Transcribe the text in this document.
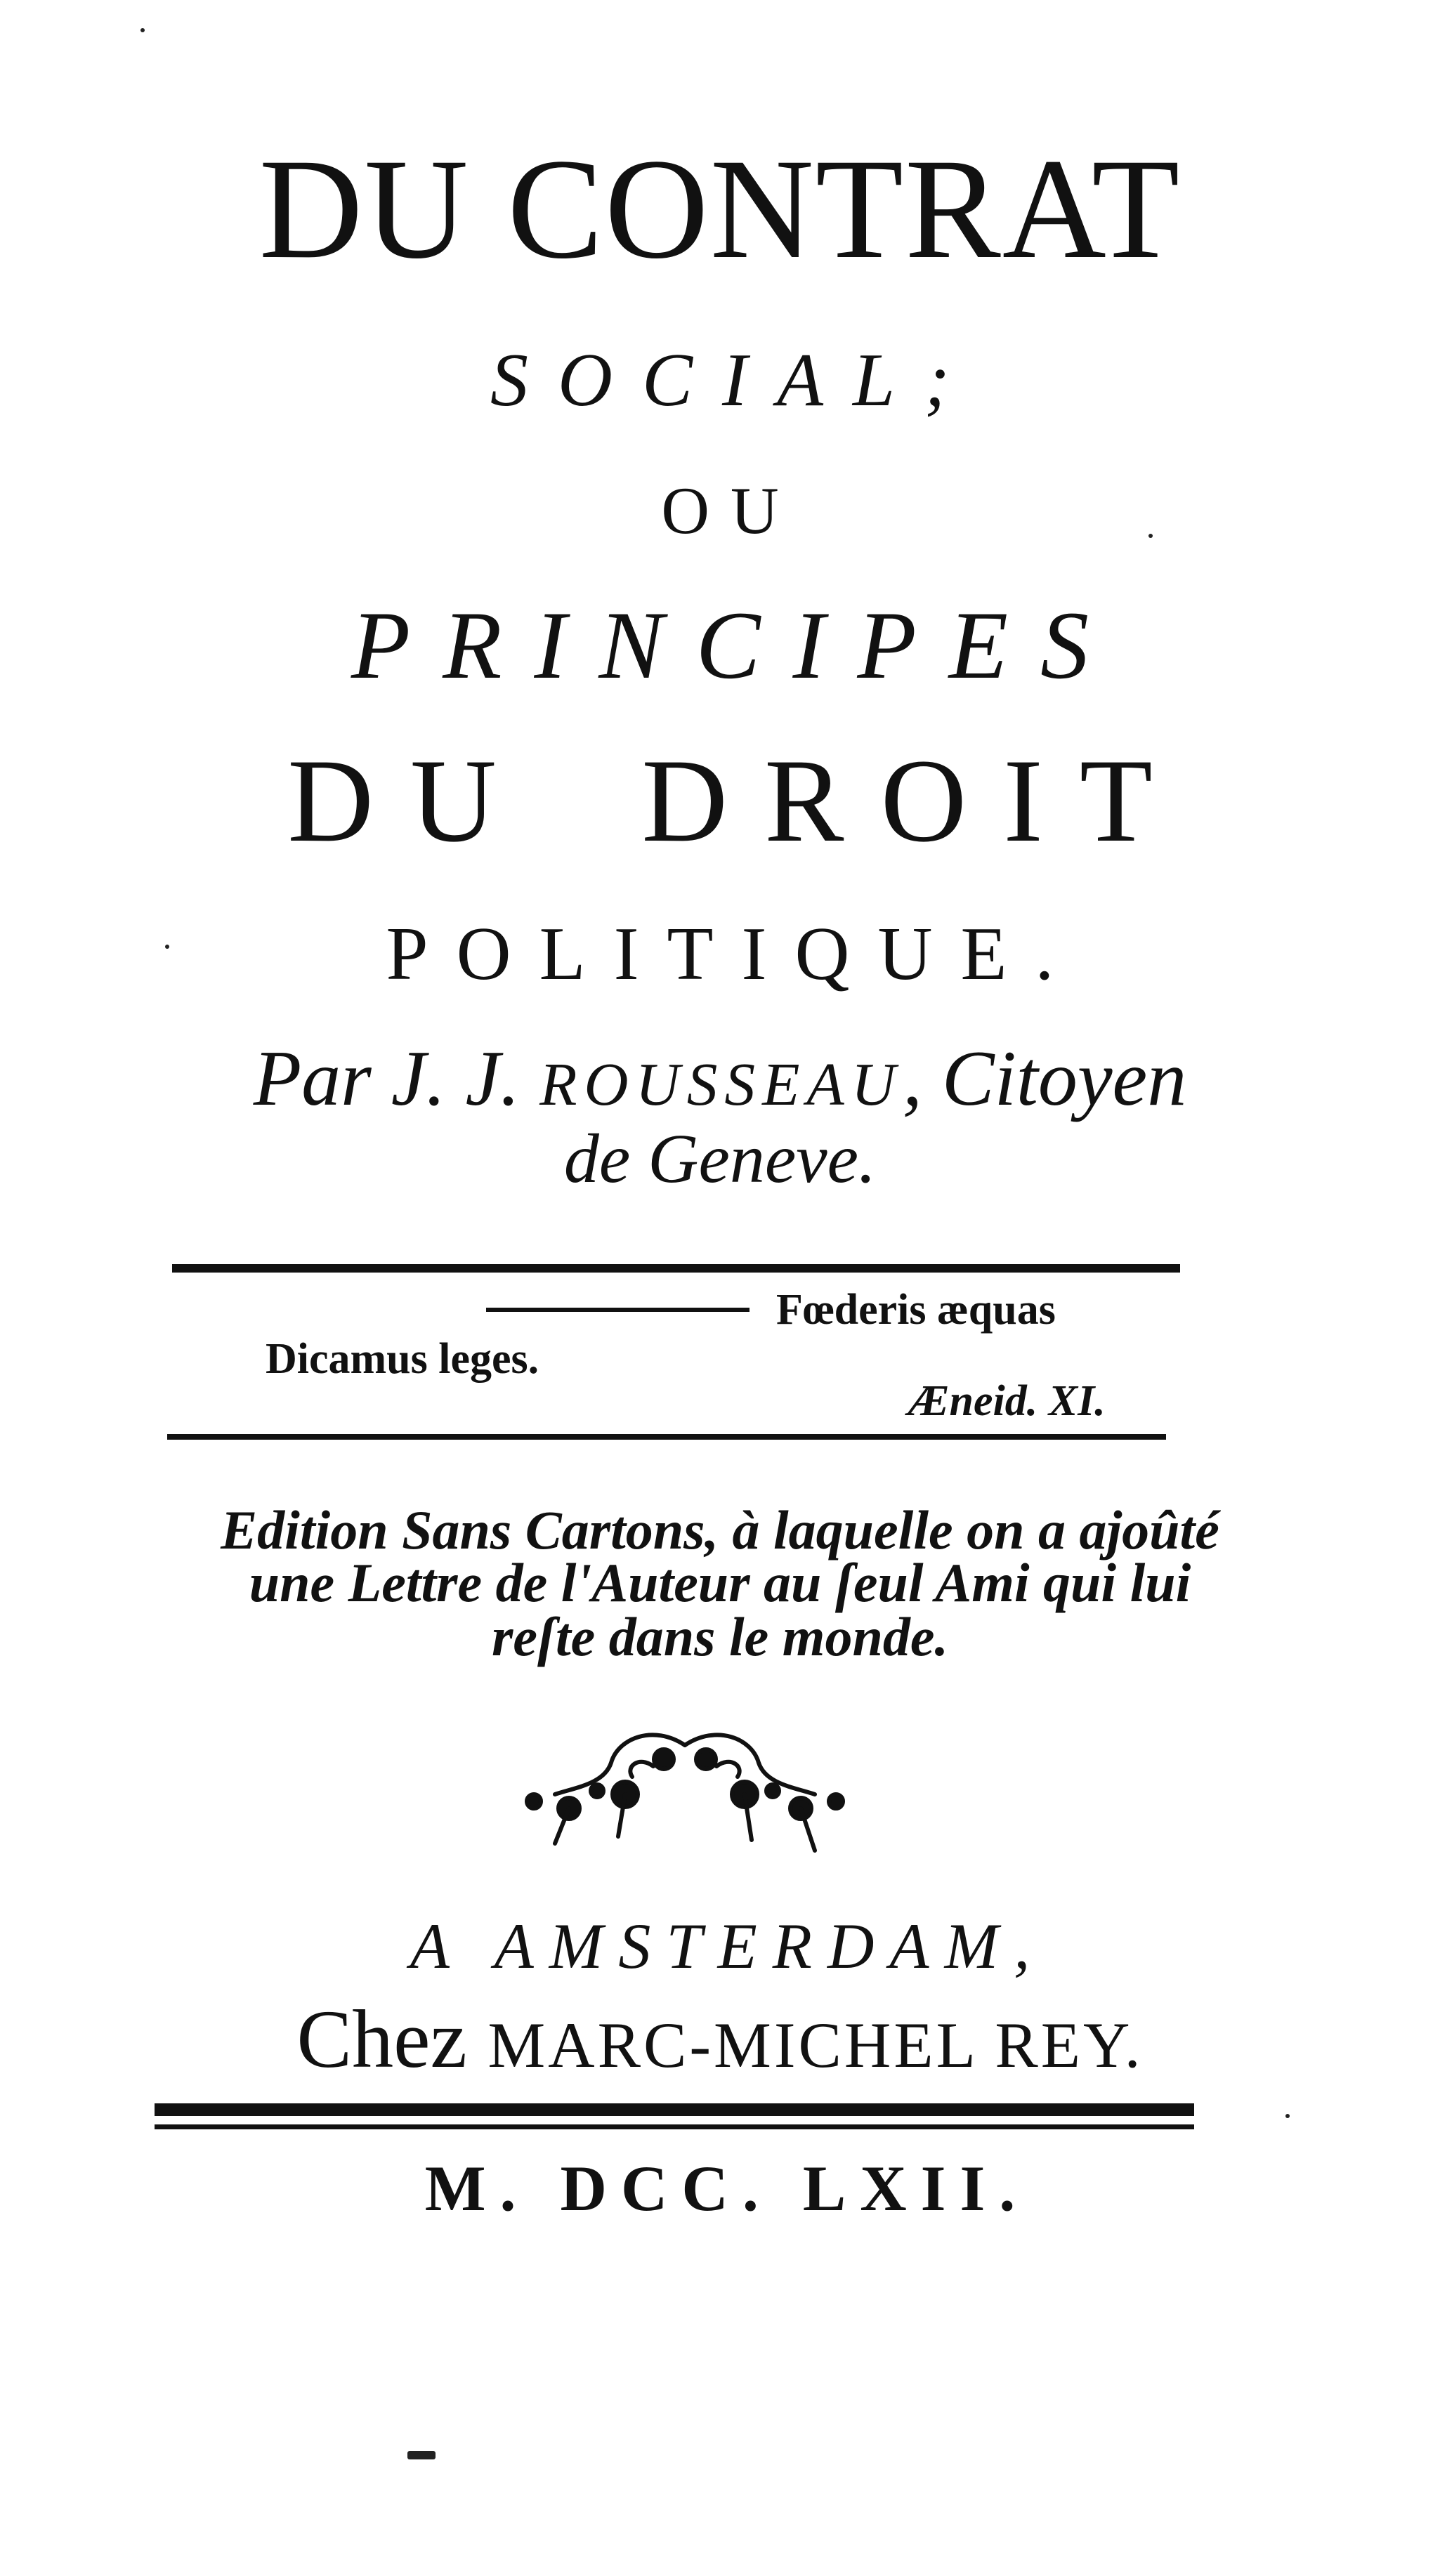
DU CONTRAT
SOCIAL;
OU
PRINCIPES
DU DROIT
POLITIQUE.
Par J. J. ROUSSEAU, Citoyen
de Geneve.
Fœderis æquas
Dicamus leges.
Æneid. XI.
Edition Sans Cartons, à laquelle on a ajoûté
une Lettre de l'Auteur au ſeul Ami qui lui
reſte dans le monde.
A AMSTERDAM,
Chez MARC-MICHEL REY.
M. DCC. LXII.
